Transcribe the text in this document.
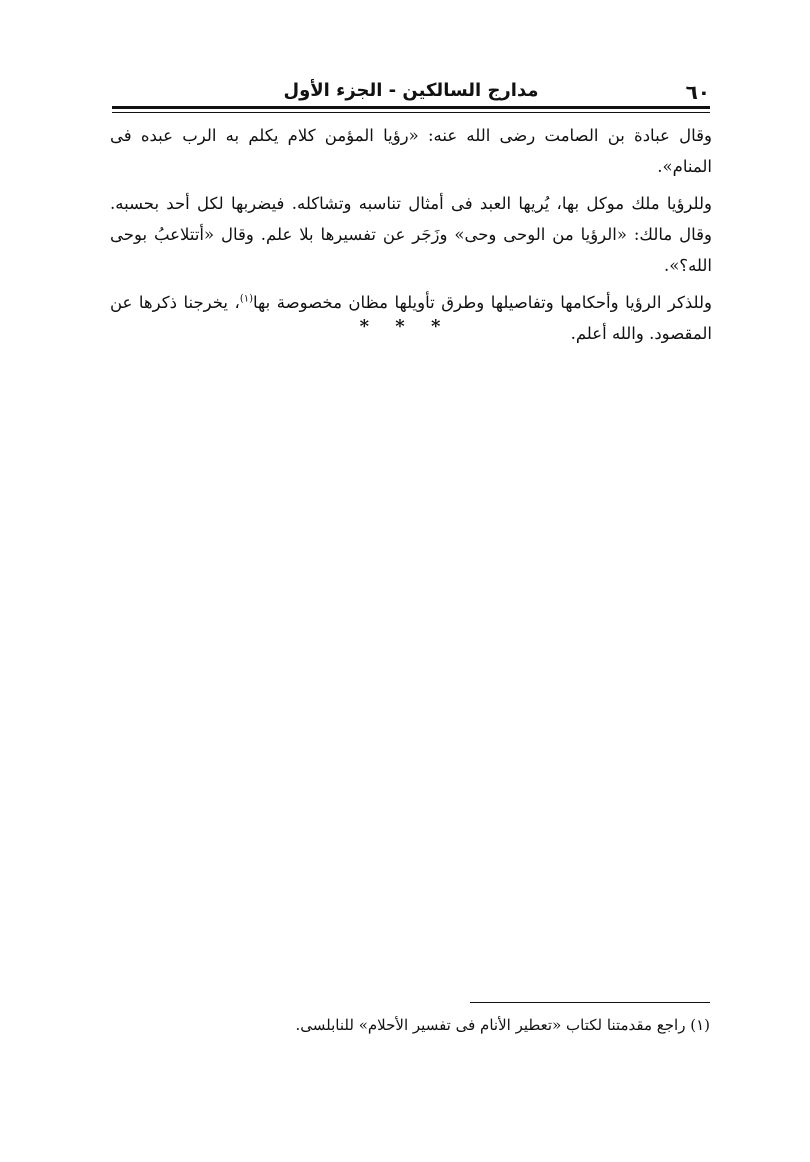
٦٠
مدارج السالكين - الجزء الأول

وقال عبادة بن الصامت رضى الله عنه: «رؤيا المؤمن كلام يكلم به الرب عبده فى المنام».

وللرؤيا ملك موكل بها، يُريها العبد فى أمثال تناسبه وتشاكله. فيضربها لكل أحد بحسبه. وقال مالك: «الرؤيا من الوحى وحى» وزَجَر عن تفسيرها بلا علم. وقال «أتتلاعبُ بوحى الله؟».

وللذكر الرؤيا وأحكامها وتفاصيلها وطرق تأويلها مظان مخصوصة بها$^{(١)}$، يخرجنا ذكرها عن المقصود. والله أعلم.

* * *
(١) راجع مقدمتنا لكتاب «تعطير الأنام فى تفسير الأحلام» للنابلسى.
